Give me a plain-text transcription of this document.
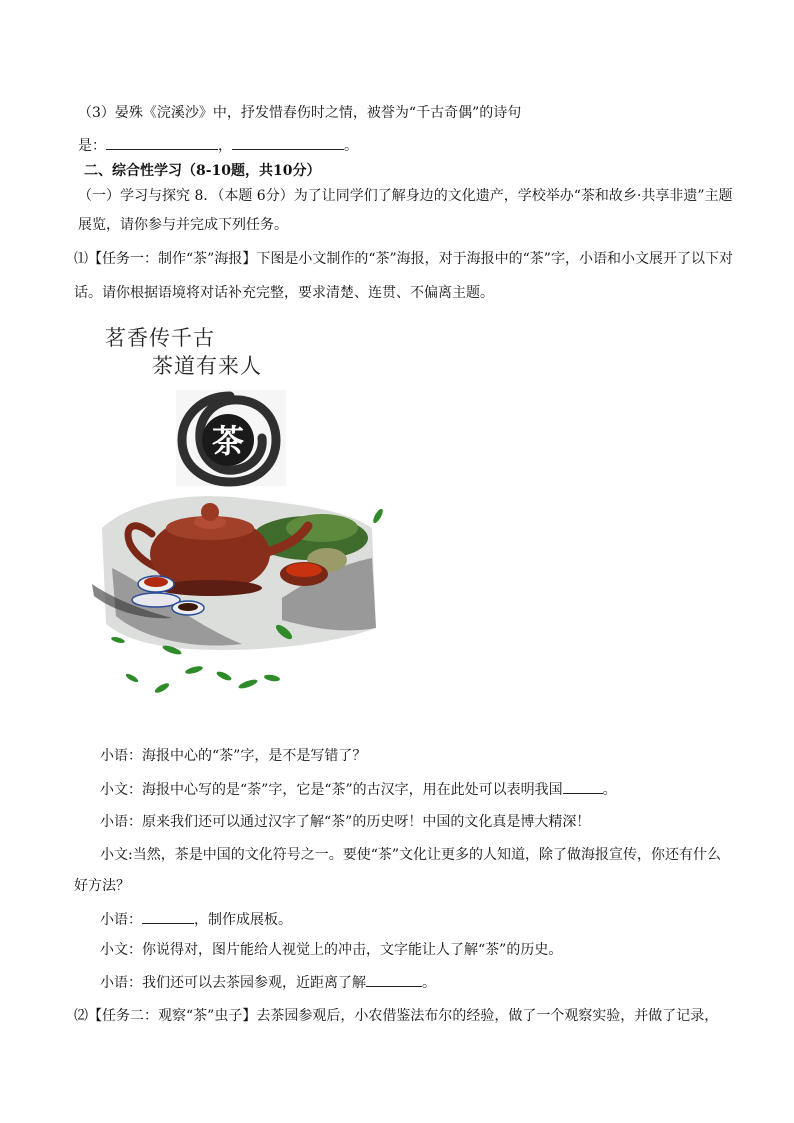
（3）晏殊《浣溪沙》中，抒发惜春伤时之情，被誉为“千古奇偶”的诗句
是：	，	。
二、综合性学习（8-10题，共10分）
（一）学习与探究 8．（本题 6分）为了让同学们了解身边的文化遗产，学校举办“茶和故乡·共享非遗”主题
展览，请你参与并完成下列任务。
⑴【任务一：制作“茶”海报】下图是小文制作的“茶”海报，对于海报中的“茶”字，小语和小文展开了以下对
话。请你根据语境将对话补充完整，要求清楚、连贯、不偏离主题。
茗香传千古
茶道有来人
茶
小语：海报中心的“茶”字，是不是写错了？
小文：海报中心写的是“荼”字，它是“茶”的古汉字，用在此处可以表明我国	。
小语：原来我们还可以通过汉字了解“茶”的历史呀！中国的文化真是博大精深！
小文:当然，茶是中国的文化符号之一。要使“茶”文化让更多的人知道，除了做海报宣传，你还有什么
好方法？
小语：	，制作成展板。
小文：你说得对，图片能给人视觉上的冲击，文字能让人了解“茶”的历史。
小语：我们还可以去茶园参观，近距离了解	。
⑵【任务二：观察“茶”虫子】去茶园参观后，小农借鉴法布尔的经验，做了一个观察实验，并做了记录，
